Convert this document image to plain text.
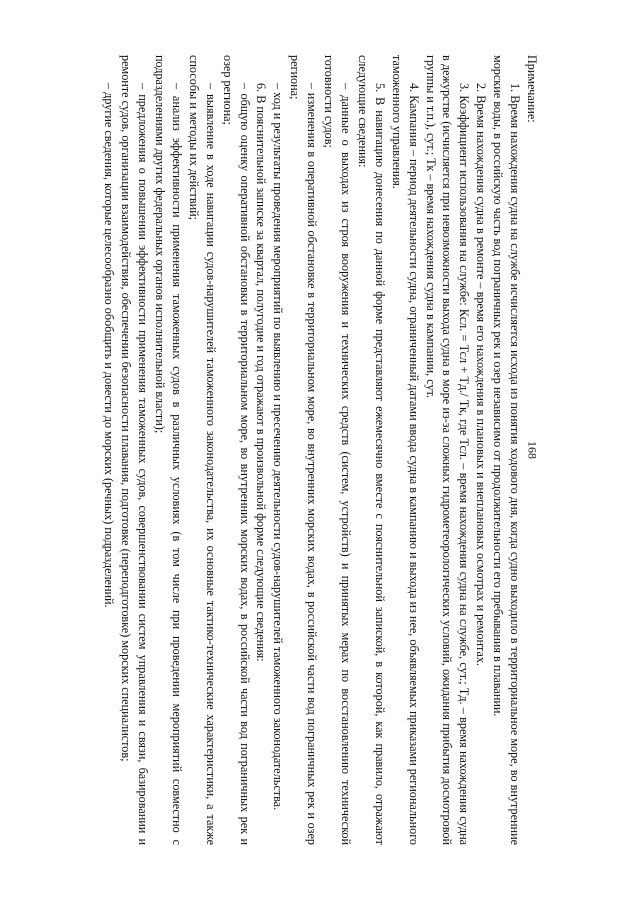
168

Примечание:

1. Время нахождения судна на службе исчисляется исхода из понятия ходового дня, когда судно выходило в территориальное море, во внутренние морские воды, в российскую часть вод пограничных рек и озер независимо от продолжительности его пребывания в плавании.

2. Время нахождения судна в ремонте – время его нахождения в плановых и внеплановых осмотрах и ремонтах.

3. Коэффициент использования на службе: Ксл. = Тсл + Тд./ Тк, где Тсл. – время нахождения судна на службе, сут.; Тд. – время нахождения судна в дежурстве (исчисляется при невозможности выхода судна в море из-за сложных гидрометеорологических условий, ожидания прибытия досмотровой группы и т.п.), сут.; Тк – время нахождения судна в кампании, сут.

4. Кампания – период деятельности судна, ограниченный датами ввода судна в кампанию и выхода из нее, объявляемых приказами регионального таможенного управления.

5. В навигацию донесения по данной форме представляют ежемесячно вместе с пояснительной запиской, в которой, как правило, отражают следующие сведения:

– данные о выходах из строя вооружения и технических средств (систем, устройств) и принятых мерах по восстановлению технической готовности судов;

– изменения в оперативной обстановке в территориальном море, во внутренних морских водах, в российской части вод пограничных рек и озер региона;

– ход и результаты проведения мероприятий по выявлению и пресечению деятельности судов-нарушителей таможенного законодательства.

6. В пояснительной записке за квартал, полугодие и год отражают в произвольной форме следующие сведения:

– общую оценку оперативной обстановки в территориальном море, во внутренних морских водах, в российской части вод пограничных рек и озер региона;

– выявление в ходе навигации судов-нарушителей таможенного законодательства, их основные тактико-технические характеристики, а также способы и методы их действий;

– анализ эффективности применения таможенных судов в различных условиях (в том числе при проведении мероприятий совместно с подразделениями других федеральных органов исполнительной власти);

– предложения о повышении эффективности применения таможенных судов, совершенствовании систем управления и связи, базировании и ремонте судов, организации взаимодействия, обеспечении безопасности плавания, подготовке (переподготовке) морских специалистов;

– другие сведения, которые целесообразно обобщить и довести до морских (речных) подразделений.
